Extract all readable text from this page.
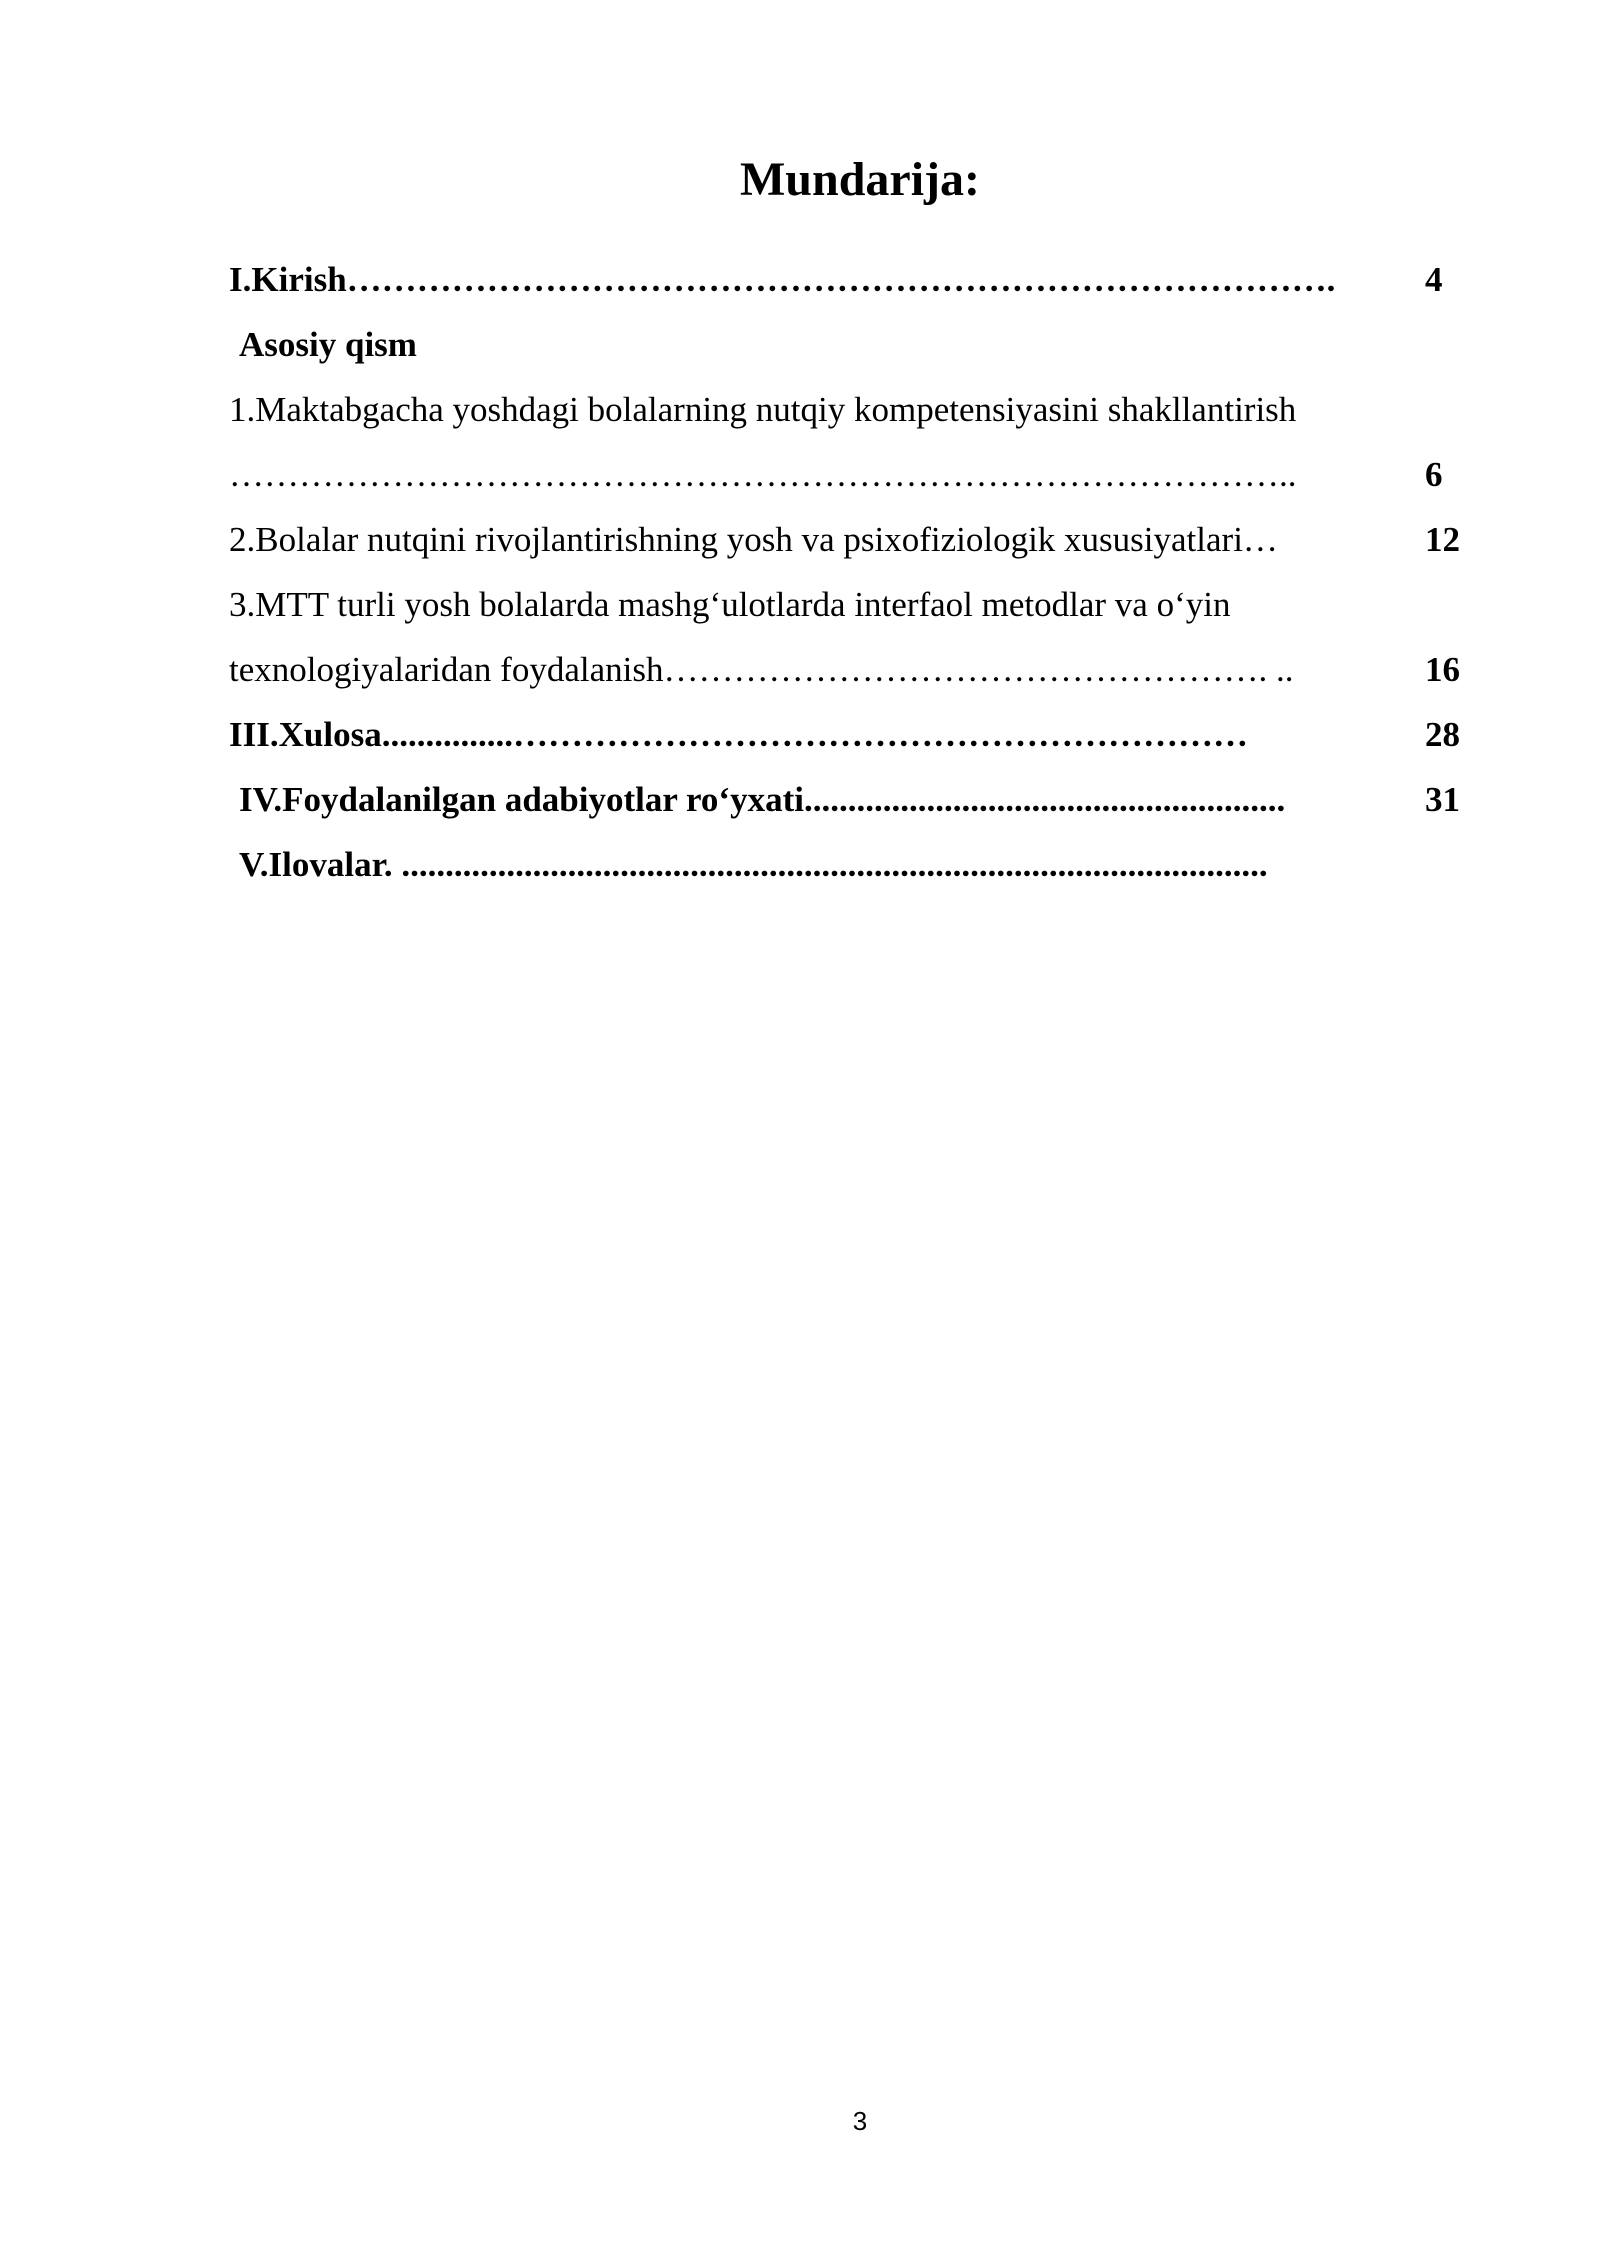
Mundarija:
I.Kirish………………………………………………………………………….	4
Asosiy qism
1.Maktabgacha yoshdagi bolalarning nutqiy kompetensiyasini shakllantirish
………………………………………………………………………………..	6
2.Bolalar nutqini rivojlantirishning yosh va psixofiziologik xususiyatlari…	12
3.MTT turli yosh bolalarda mashg‘ulotlarda interfaol metodlar va o‘yin
texnologiyalaridan foydalanish……………………………………………. ..	16
III.Xulosa...............………………………………………………………	28
IV.Foydalanilgan adabiyotlar ro‘yxati.......................................................	31
V.Ilovalar. ...................................................................................................
3
